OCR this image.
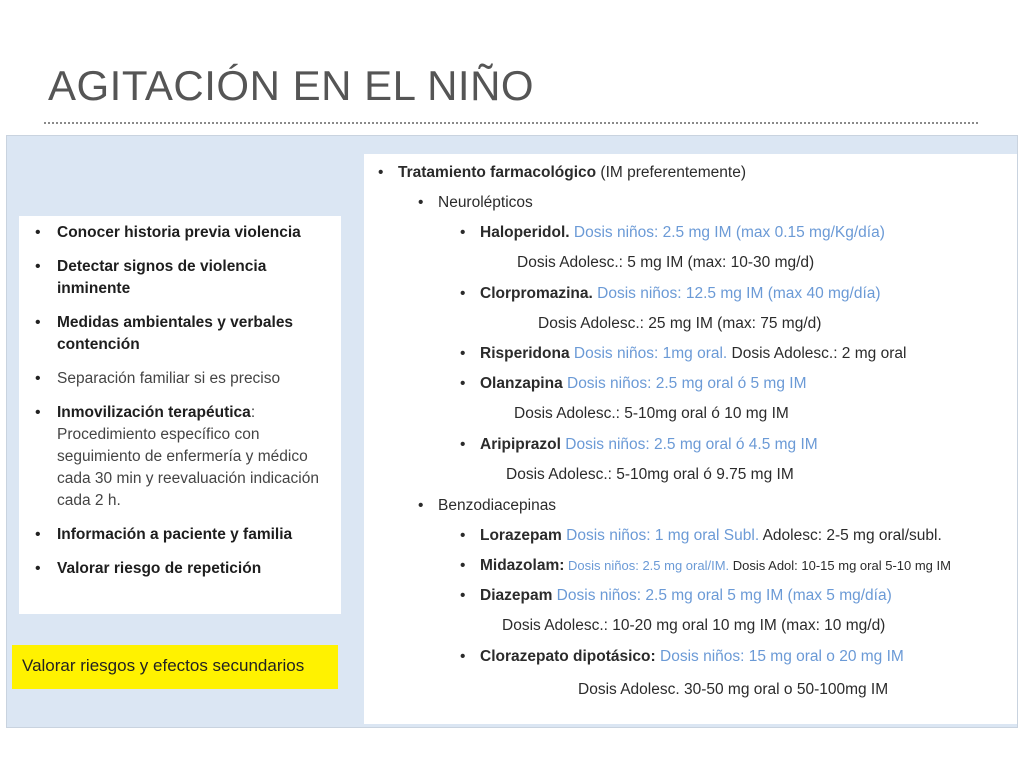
AGITACIÓN EN EL NIÑO
• Conocer historia previa violencia
• Detectar signos de violencia inminente
• Medidas ambientales y verbales contención
• Separación familiar si es preciso
• Inmovilización terapéutica: Procedimiento específico con seguimiento de enfermería y médico cada 30 min y reevaluación indicación cada 2 h.
• Información a paciente y familia
• Valorar riesgo de repetición
Valorar riesgos y efectos secundarios
• Tratamiento farmacológico (IM preferentemente)
• Neurolépticos
• Haloperidol. Dosis niños: 2.5 mg IM (max 0.15 mg/Kg/día)
Dosis Adolesc.: 5 mg IM (max: 10-30 mg/d)
• Clorpromazina. Dosis niños: 12.5 mg IM (max 40 mg/día)
Dosis Adolesc.: 25 mg IM (max: 75 mg/d)
• Risperidona Dosis niños: 1mg oral. Dosis Adolesc.: 2 mg oral
• Olanzapina Dosis niños: 2.5 mg oral ó 5 mg IM
Dosis Adolesc.: 5-10mg oral ó 10 mg IM
• Aripiprazol Dosis niños: 2.5 mg oral ó 4.5 mg IM
Dosis Adolesc.: 5-10mg oral ó 9.75 mg IM
• Benzodiacepinas
• Lorazepam Dosis niños: 1 mg oral Subl. Adolesc: 2-5 mg oral/subl.
• Midazolam: Dosis niños: 2.5 mg oral/IM. Dosis Adol: 10-15 mg oral 5-10 mg IM
• Diazepam Dosis niños: 2.5 mg oral 5 mg IM (max 5 mg/día)
Dosis Adolesc.: 10-20 mg oral 10 mg IM (max: 10 mg/d)
• Clorazepato dipotásico: Dosis niños: 15 mg oral o 20 mg IM
Dosis Adolesc. 30-50 mg oral o 50-100mg IM
